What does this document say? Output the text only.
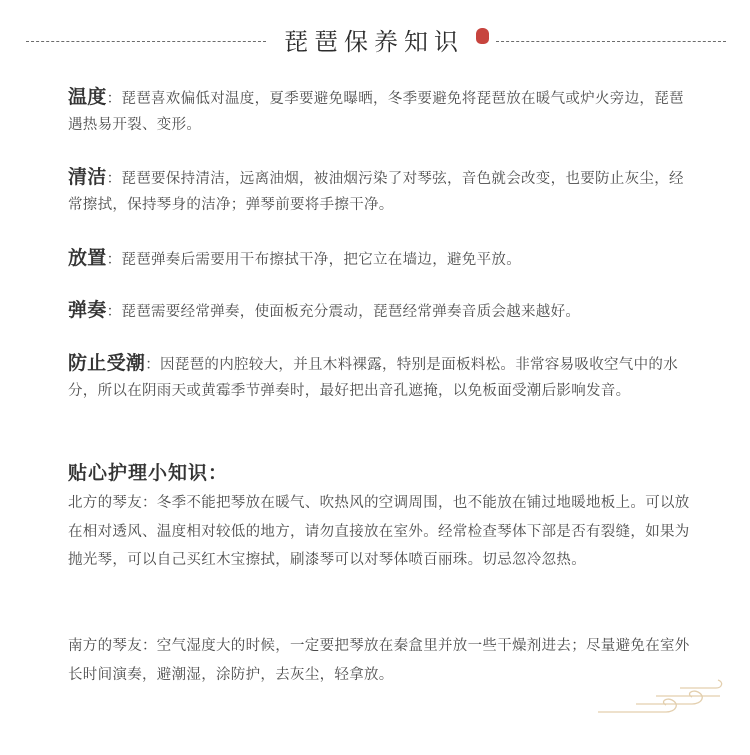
琵琶保养知识
温度：琵琶喜欢偏低对温度，夏季要避免曝晒，冬季要避免将琵琶放在暖气或炉火旁边，琵琶遇热易开裂、变形。
清洁：琵琶要保持清洁，远离油烟，被油烟污染了对琴弦，音色就会改变，也要防止灰尘，经常擦拭，保持琴身的洁净；弹琴前要将手擦干净。
放置：琵琶弹奏后需要用干布擦拭干净，把它立在墙边，避免平放。
弹奏：琵琶需要经常弹奏，使面板充分震动，琵琶经常弹奏音质会越来越好。
防止受潮：因琵琶的内腔较大，并且木料裸露，特别是面板料松。非常容易吸收空气中的水分，所以在阴雨天或黄霉季节弹奏时，最好把出音孔遮掩，以免板面受潮后影响发音。
贴心护理小知识：
北方的琴友：冬季不能把琴放在暖气、吹热风的空调周围，也不能放在铺过地暖地板上。可以放在相对透风、温度相对较低的地方，请勿直接放在室外。经常检查琴体下部是否有裂缝，如果为抛光琴，可以自己买红木宝擦拭，刷漆琴可以对琴体喷百丽珠。切忌忽冷忽热。
南方的琴友：空气湿度大的时候，一定要把琴放在秦盒里并放一些干燥剂进去；尽量避免在室外长时间演奏，避潮湿，涂防护，去灰尘，轻拿放。
